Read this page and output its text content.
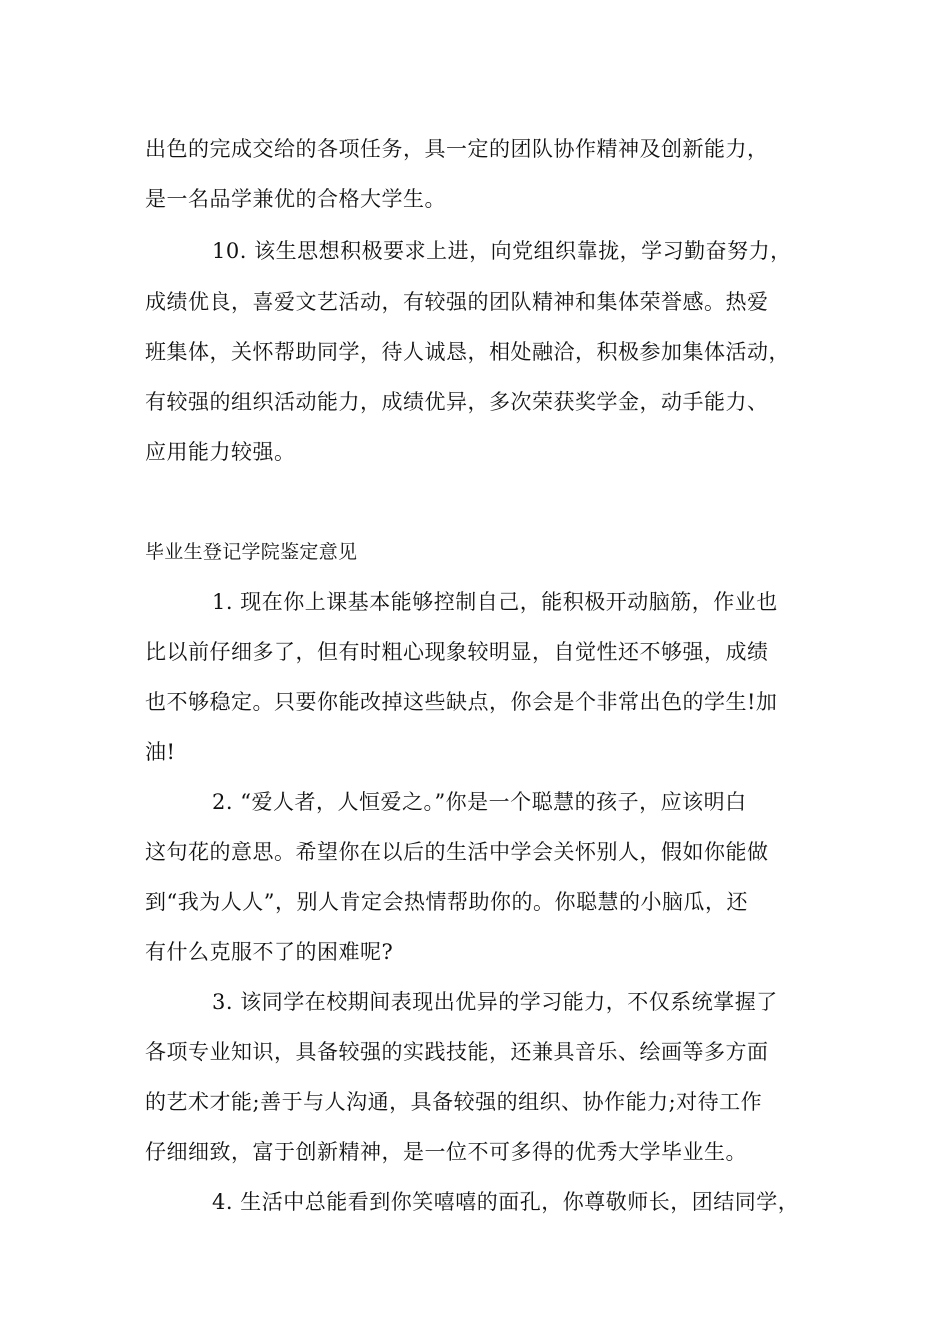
出色的完成交给的各项任务，具一定的团队协作精神及创新能力，
是一名品学兼优的合格大学生。
10. 该生思想积极要求上进，向党组织靠拢，学习勤奋努力，
成绩优良，喜爱文艺活动，有较强的团队精神和集体荣誉感。热爱
班集体，关怀帮助同学，待人诚恳，相处融洽，积极参加集体活动，
有较强的组织活动能力，成绩优异，多次荣获奖学金，动手能力、
应用能力较强。
毕业生登记学院鉴定意见
1. 现在你上课基本能够控制自己，能积极开动脑筋，作业也
比以前仔细多了，但有时粗心现象较明显，自觉性还不够强，成绩
也不够稳定。只要你能改掉这些缺点，你会是个非常出色的学生!加
油!
2. “爱人者，人恒爱之。”你是一个聪慧的孩子，应该明白
这句花的意思。希望你在以后的生活中学会关怀别人，假如你能做
到“我为人人”，别人肯定会热情帮助你的。你聪慧的小脑瓜，还
有什么克服不了的困难呢?
3. 该同学在校期间表现出优异的学习能力，不仅系统掌握了
各项专业知识，具备较强的实践技能，还兼具音乐、绘画等多方面
的艺术才能;善于与人沟通，具备较强的组织、协作能力;对待工作
仔细细致，富于创新精神，是一位不可多得的优秀大学毕业生。
4. 生活中总能看到你笑嘻嘻的面孔，你尊敬师长，团结同学，
